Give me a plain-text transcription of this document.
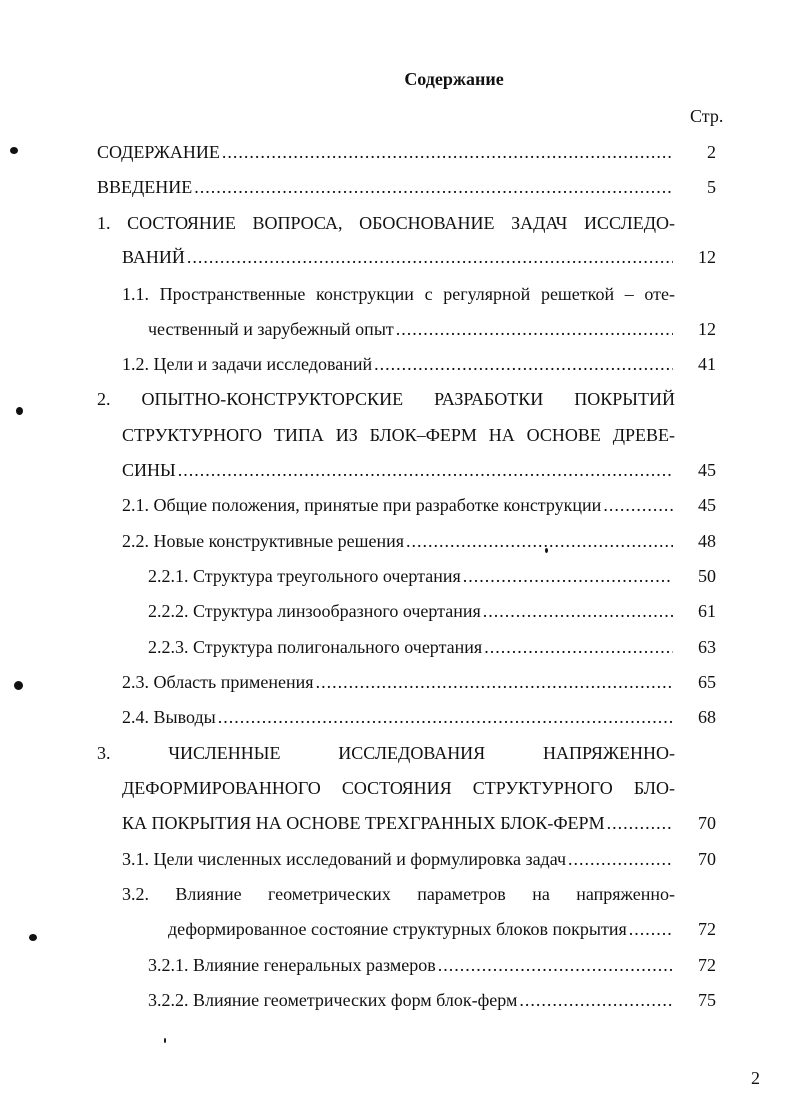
Содержание
Стр.
СОДЕРЖАНИЕ .....	2
ВВЕДЕНИЕ .....	5
1. СОСТОЯНИЕ ВОПРОСА, ОБОСНОВАНИЕ ЗАДАЧ ИССЛЕДО-
ВАНИЙ .....	12
1.1. Пространственные конструкции с регулярной решеткой – оте-
чественный и зарубежный опыт .....	12
1.2. Цели и задачи исследований .....	41
2. ОПЫТНО-КОНСТРУКТОРСКИЕ РАЗРАБОТКИ ПОКРЫТИЙ
СТРУКТУРНОГО ТИПА ИЗ БЛОК–ФЕРМ НА ОСНОВЕ ДРЕВЕ-
СИНЫ .....	45
2.1. Общие положения, принятые при разработке конструкции .....	45
2.2. Новые конструктивные решения .....	48
2.2.1. Структура треугольного очертания .....	50
2.2.2. Структура линзообразного очертания .....	61
2.2.3. Структура полигонального очертания .....	63
2.3. Область применения .....	65
2.4. Выводы .....	68
3. ЧИСЛЕННЫЕ ИССЛЕДОВАНИЯ НАПРЯЖЕННО-
ДЕФОРМИРОВАННОГО СОСТОЯНИЯ СТРУКТУРНОГО БЛО-
КА ПОКРЫТИЯ НА ОСНОВЕ ТРЕХГРАННЫХ БЛОК-ФЕРМ .....	70
3.1. Цели численных исследований и формулировка задач .....	70
3.2. Влияние геометрических параметров на напряженно-
деформированное состояние структурных блоков покрытия .....	72
3.2.1. Влияние генеральных размеров .....	72
3.2.2. Влияние геометрических форм блок-ферм .....	75
2
